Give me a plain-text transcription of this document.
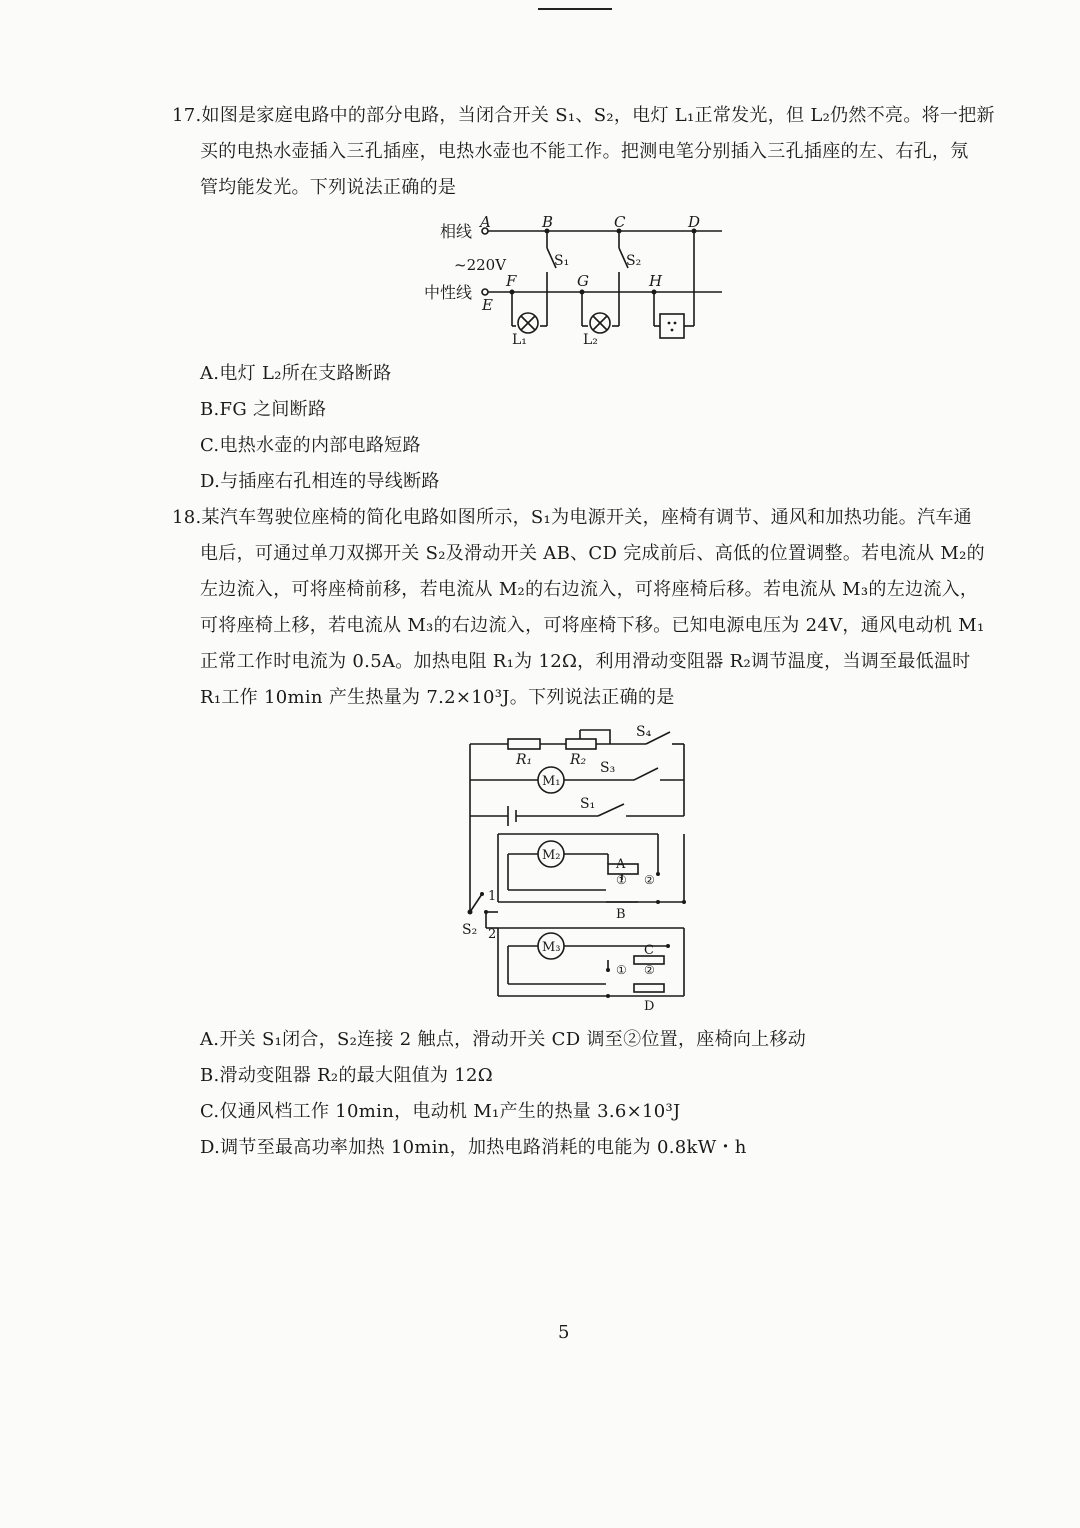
17.如图是家庭电路中的部分电路，当闭合开关 S₁、S₂，电灯 L₁正常发光，但 L₂仍然不亮。将一把新
买的电热水壶插入三孔插座，电热水壶也不能工作。把测电笔分别插入三孔插座的左、右孔，氖
管均能发光。下列说法正确的是
相线
~220V
中性线
A	B	C	D
E
F	G	H
S₁	S₂
L₁	L₂
A.电灯 L₂所在支路断路
B.FG 之间断路
C.电热水壶的内部电路短路
D.与插座右孔相连的导线断路
18.某汽车驾驶位座椅的简化电路如图所示，S₁为电源开关，座椅有调节、通风和加热功能。汽车通
电后，可通过单刀双掷开关 S₂及滑动开关 AB、CD 完成前后、高低的位置调整。若电流从 M₂的
左边流入，可将座椅前移，若电流从 M₂的右边流入，可将座椅后移。若电流从 M₃的左边流入，
可将座椅上移，若电流从 M₃的右边流入，可将座椅下移。已知电源电压为 24V，通风电动机 M₁
正常工作时电流为 0.5A。加热电阻 R₁为 12Ω，利用滑动变阻器 R₂调节温度，当调至最低温时
R₁工作 10min 产生热量为 7.2×10³J。下列说法正确的是
R₁	R₂
S₄
S₃
M₁
S₁
M₂
A
B
M₃	C
D
S₂
1
2
① ②
① ②
A.开关 S₁闭合，S₂连接 2 触点，滑动开关 CD 调至②位置，座椅向上移动
B.滑动变阻器 R₂的最大阻值为 12Ω
C.仅通风档工作 10min，电动机 M₁产生的热量 3.6×10³J
D.调节至最高功率加热 10min，加热电路消耗的电能为 0.8kW・h
5
